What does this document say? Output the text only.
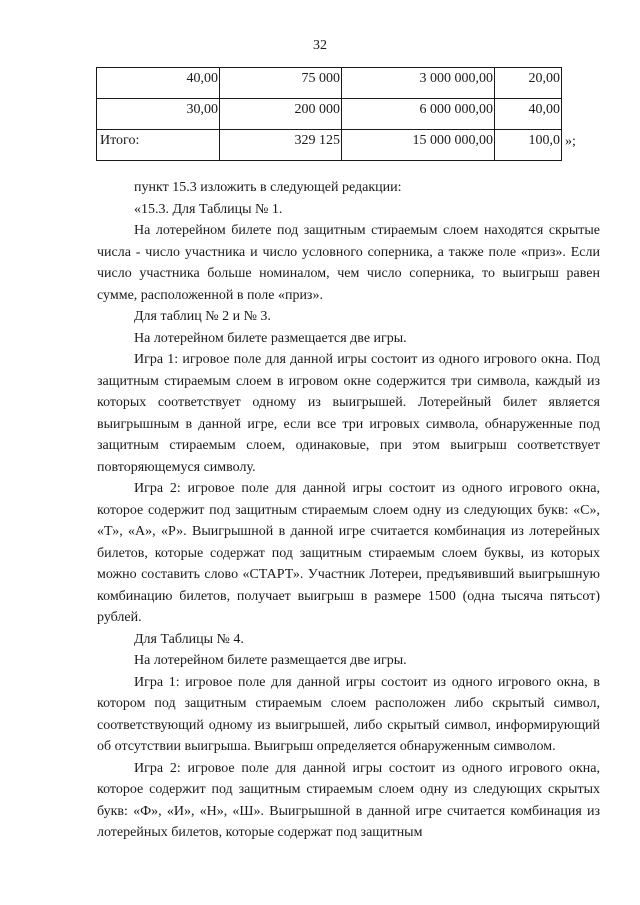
32
40,00	75 000	3 000 000,00	20,00
30,00	200 000	6 000 000,00	40,00
Итого:	329 125	15 000 000,00	100,0 »;

пункт 15.3 изложить в следующей редакции:

«15.3. Для Таблицы № 1.

На лотерейном билете под защитным стираемым слоем находятся скрытые числа - число участника и число условного соперника, а также поле «приз». Если число участника больше номиналом, чем число соперника, то выигрыш равен сумме, расположенной в поле «приз».

Для таблиц № 2 и № 3.

На лотерейном билете размещается две игры.

Игра 1: игровое поле для данной игры состоит из одного игрового окна. Под защитным стираемым слоем в игровом окне содержится три символа, каждый из которых соответствует одному из выигрышей. Лотерейный билет является выигрышным в данной игре, если все три игровых символа, обнаруженные под защитным стираемым слоем, одинаковые, при этом выигрыш соответствует повторяющемуся символу.

Игра 2: игровое поле для данной игры состоит из одного игрового окна, которое содержит под защитным стираемым слоем одну из следующих букв: «С», «Т», «А», «Р». Выигрышной в данной игре считается комбинация из лотерейных билетов, которые содержат под защитным стираемым слоем буквы, из которых можно составить слово «СТАРТ». Участник Лотереи, предъявивший выигрышную комбинацию билетов, получает выигрыш в размере 1500 (одна тысяча пятьсот) рублей.

Для Таблицы № 4.

На лотерейном билете размещается две игры.

Игра 1: игровое поле для данной игры состоит из одного игрового окна, в котором под защитным стираемым слоем расположен либо скрытый символ, соответствующий одному из выигрышей, либо скрытый символ, информирующий об отсутствии выигрыша. Выигрыш определяется обнаруженным символом.

Игра 2: игровое поле для данной игры состоит из одного игрового окна, которое содержит под защитным стираемым слоем одну из следующих скрытых букв: «Ф», «И», «Н», «Ш». Выигрышной в данной игре считается комбинация из лотерейных билетов, которые содержат под защитным
